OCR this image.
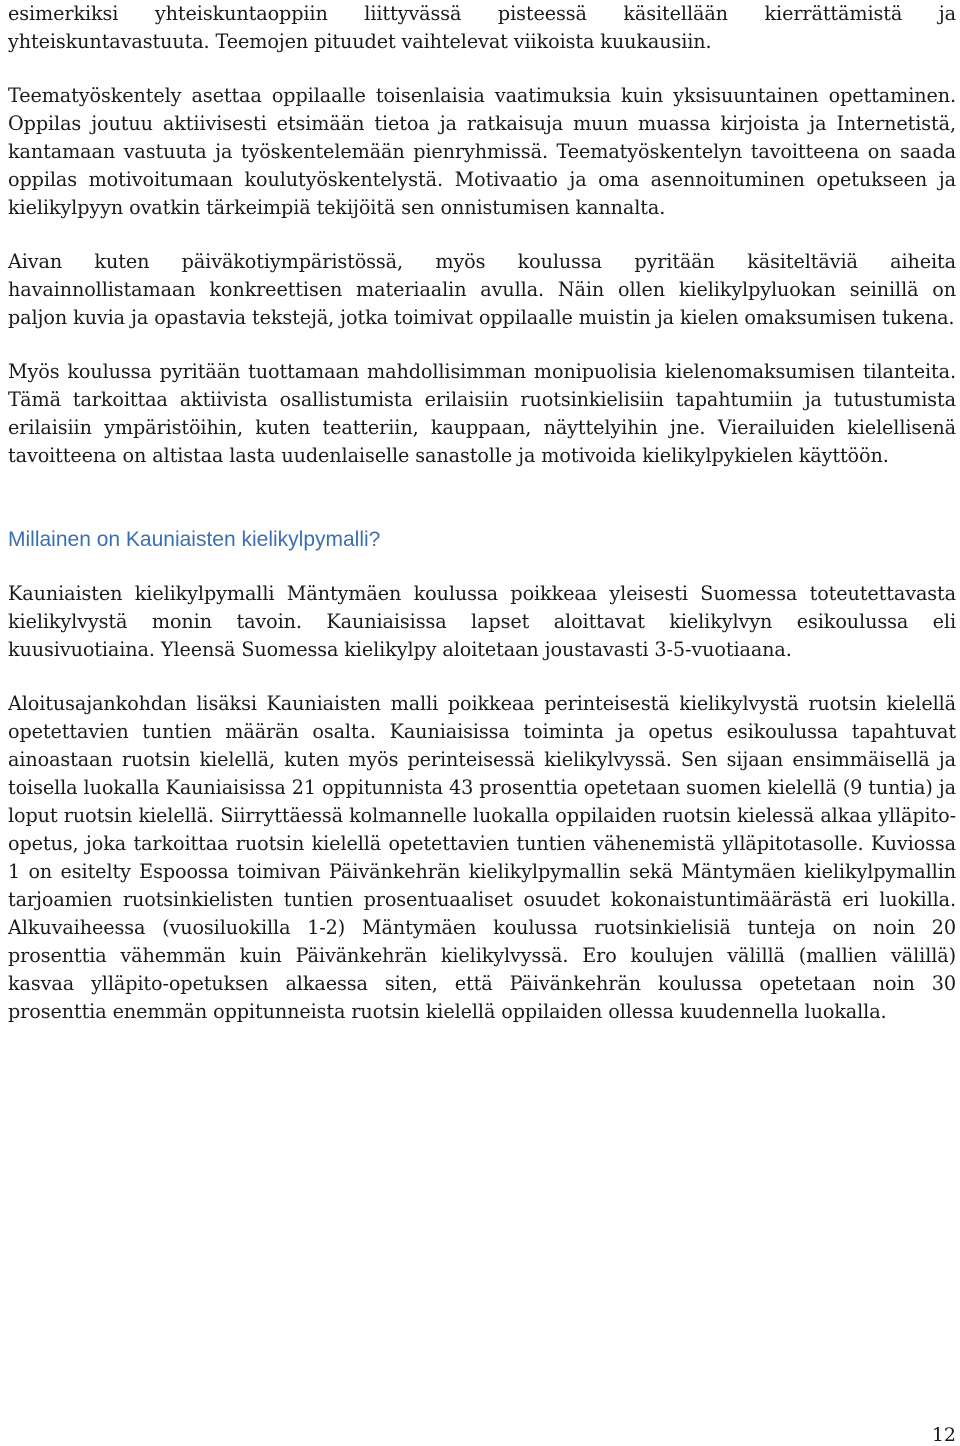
esimerkiksi yhteiskuntaoppiin liittyvässä pisteessä käsitellään kierrättämistä ja yhteiskuntavastuuta. Teemojen pituudet vaihtelevat viikoista kuukausiin.

Teematyöskentely asettaa oppilaalle toisenlaisia vaatimuksia kuin yksisuuntainen opettaminen. Oppilas joutuu aktiivisesti etsimään tietoa ja ratkaisuja muun muassa kirjoista ja Internetistä, kantamaan vastuuta ja työskentelemään pienryhmissä. Teematyöskentelyn tavoitteena on saada oppilas motivoitumaan koulutyöskentelystä. Motivaatio ja oma asennoituminen opetukseen ja kielikylpyyn ovatkin tärkeimpiä tekijöitä sen onnistumisen kannalta.

Aivan kuten päiväkotiympäristössä, myös koulussa pyritään käsiteltäviä aiheita havainnollistamaan konkreettisen materiaalin avulla. Näin ollen kielikylpyluokan seinillä on paljon kuvia ja opastavia tekstejä, jotka toimivat oppilaalle muistin ja kielen omaksumisen tukena.

Myös koulussa pyritään tuottamaan mahdollisimman monipuolisia kielenomaksumisen tilanteita. Tämä tarkoittaa aktiivista osallistumista erilaisiin ruotsinkielisiin tapahtumiin ja tutustumista erilaisiin ympäristöihin, kuten teatteriin, kauppaan, näyttelyihin jne. Vierailuiden kielellisenä tavoitteena on altistaa lasta uudenlaiselle sanastolle ja motivoida kielikylpykielen käyttöön.

Millainen on Kauniaisten kielikylpymalli?

Kauniaisten kielikylpymalli Mäntymäen koulussa poikkeaa yleisesti Suomessa toteutettavasta kielikylvystä monin tavoin. Kauniaisissa lapset aloittavat kielikylvyn esikoulussa eli kuusivuotiaina. Yleensä Suomessa kielikylpy aloitetaan joustavasti 3-5-vuotiaana.

Aloitusajankohdan lisäksi Kauniaisten malli poikkeaa perinteisestä kielikylvystä ruotsin kielellä opetettavien tuntien määrän osalta. Kauniaisissa toiminta ja opetus esikoulussa tapahtuvat ainoastaan ruotsin kielellä, kuten myös perinteisessä kielikylvyssä. Sen sijaan ensimmäisellä ja toisella luokalla Kauniaisissa 21 oppitunnista 43 prosenttia opetetaan suomen kielellä (9 tuntia) ja loput ruotsin kielellä. Siirryttäessä kolmannelle luokalla oppilaiden ruotsin kielessä alkaa ylläpito-opetus, joka tarkoittaa ruotsin kielellä opetettavien tuntien vähenemistä ylläpitotasolle. Kuviossa 1 on esitelty Espoossa toimivan Päivänkehrän kielikylpymallin sekä Mäntymäen kielikylpymallin tarjoamien ruotsinkielisten tuntien prosentuaaliset osuudet kokonaistuntimäärästä eri luokilla. Alkuvaiheessa (vuosiluokilla 1-2) Mäntymäen koulussa ruotsinkielisiä tunteja on noin 20 prosenttia vähemmän kuin Päivänkehrän kielikylvyssä. Ero koulujen välillä (mallien välillä) kasvaa ylläpito-opetuksen alkaessa siten, että Päivänkehrän koulussa opetetaan noin 30 prosenttia enemmän oppitunneista ruotsin kielellä oppilaiden ollessa kuudennella luokalla.

12
